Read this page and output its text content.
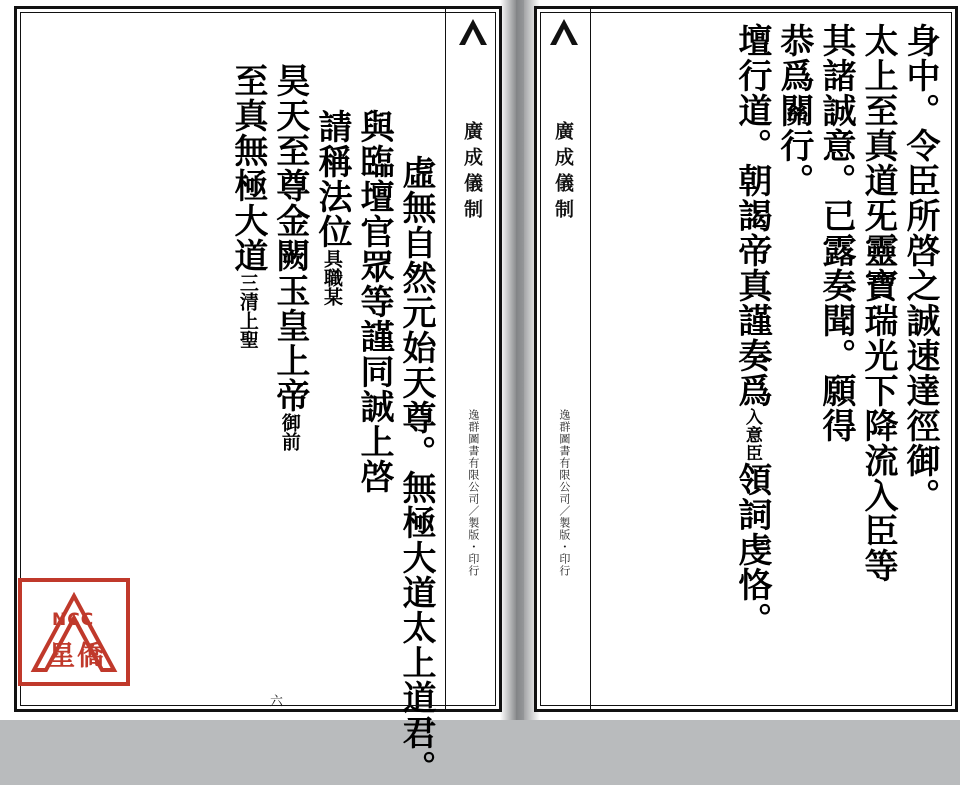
廣成儀制
逸群圖書有限公司／製版・印行
虛無自然元始天尊。無極大道太上道君。
與臨壇官眾等謹同誠上啓
請稱法位具職某
昊天至尊金闕玉皇上帝御前
至真無極大道三清上聖
六
廣成儀制
逸群圖書有限公司／製版・印行	身中。令臣所啓之誠速達徑御。
太上至真道旡靈寶瑞光下降流入臣等
其諸誠意。已露奏聞。願得
恭爲關行。
壇行道。朝謁帝真謹奏爲入意臣領詞虔恪。
NCC
星僑
